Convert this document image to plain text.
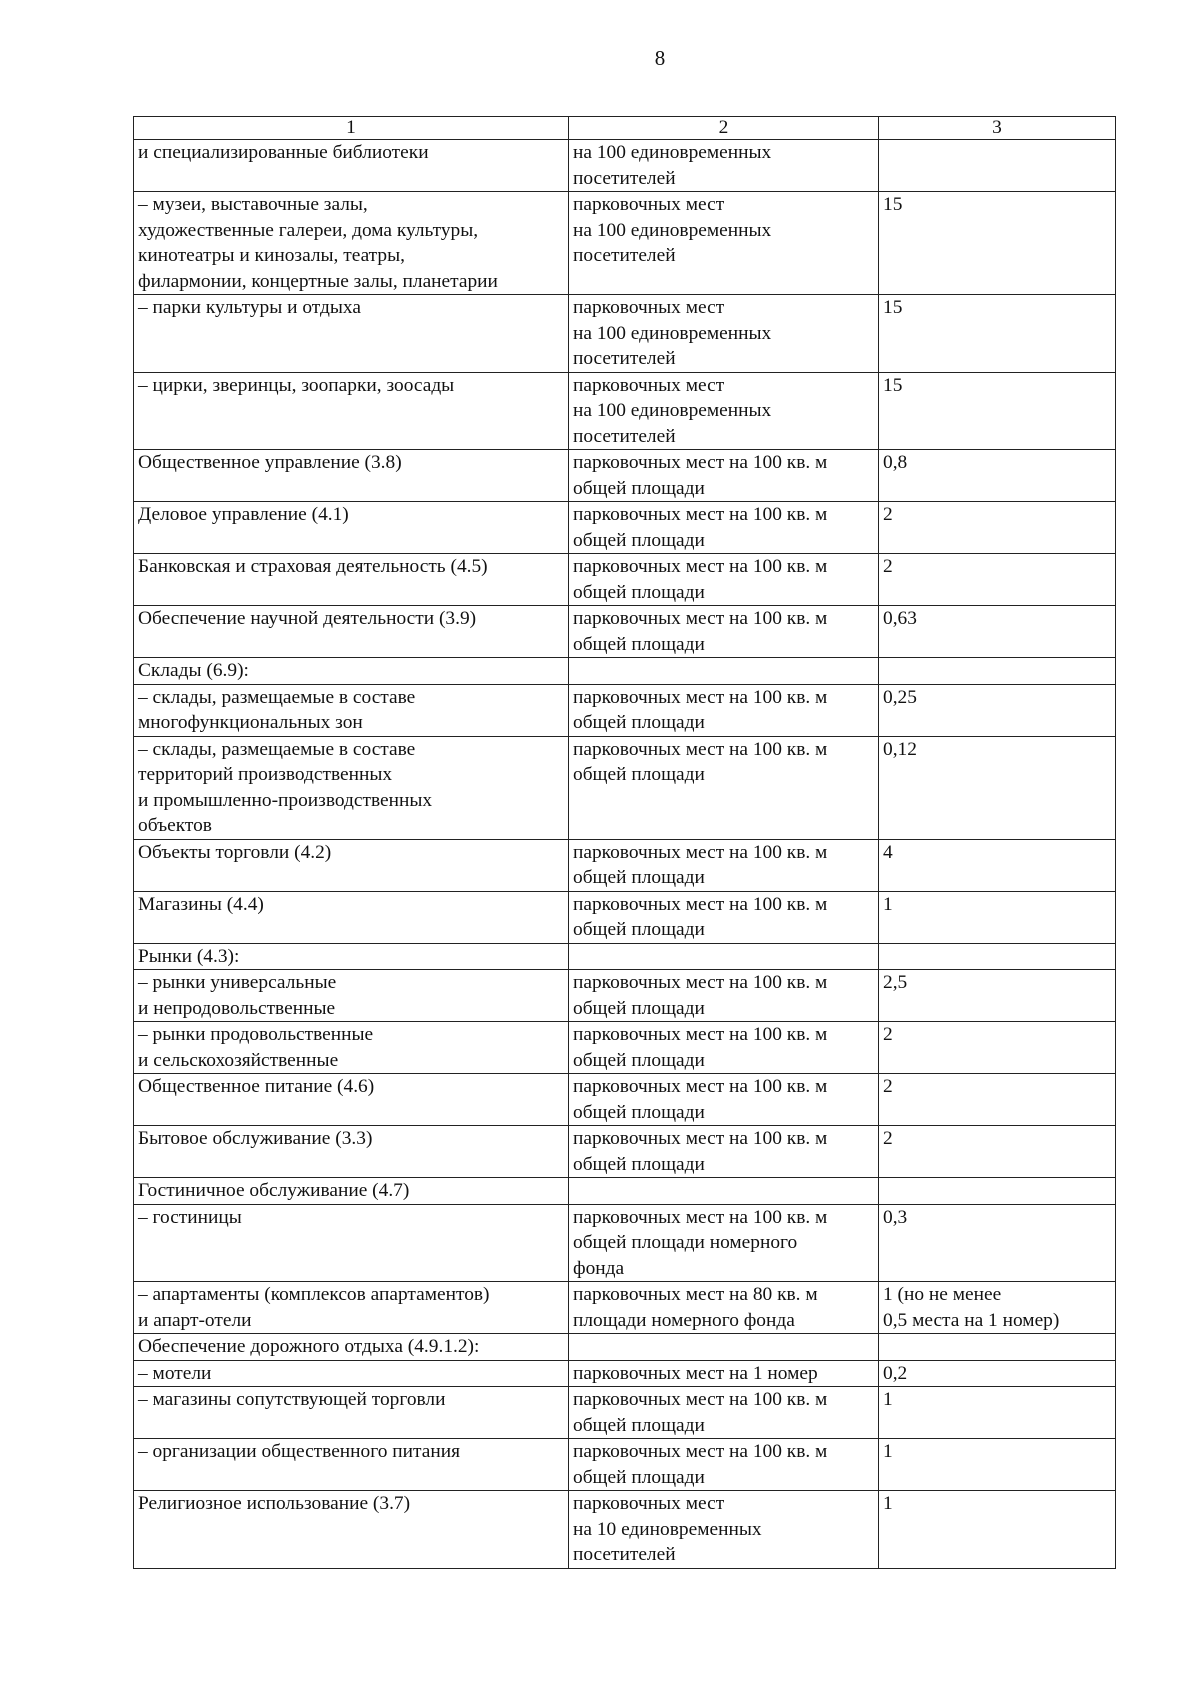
8
1	2	3

и специализированные библиотеки	на 100 единовременных
посетителей	

– музеи, выставочные залы,
художественные галереи, дома культуры,
кинотеатры и кинозалы, театры,
филармонии, концертные залы, планетарии	парковочных мест
на 100 единовременных
посетителей	15

– парки культуры и отдыха	парковочных мест
на 100 единовременных
посетителей	15

– цирки, зверинцы, зоопарки, зоосады	парковочных мест
на 100 единовременных
посетителей	15

Общественное управление (3.8)	парковочных мест на 100 кв. м
общей площади	0,8

Деловое управление (4.1)	парковочных мест на 100 кв. м
общей площади	2

Банковская и страховая деятельность (4.5)	парковочных мест на 100 кв. м
общей площади	2

Обеспечение научной деятельности (3.9)	парковочных мест на 100 кв. м
общей площади	0,63

Склады (6.9):		

– склады, размещаемые в составе
многофункциональных зон	парковочных мест на 100 кв. м
общей площади	0,25

– склады, размещаемые в составе
территорий производственных
и промышленно-производственных
объектов	парковочных мест на 100 кв. м
общей площади	0,12

Объекты торговли (4.2)	парковочных мест на 100 кв. м
общей площади	4

Магазины (4.4)	парковочных мест на 100 кв. м
общей площади	1

Рынки (4.3):		

– рынки универсальные
и непродовольственные	парковочных мест на 100 кв. м
общей площади	2,5

– рынки продовольственные
и сельскохозяйственные	парковочных мест на 100 кв. м
общей площади	2

Общественное питание (4.6)	парковочных мест на 100 кв. м
общей площади	2

Бытовое обслуживание (3.3)	парковочных мест на 100 кв. м
общей площади	2

Гостиничное обслуживание (4.7)		

– гостиницы	парковочных мест на 100 кв. м
общей площади номерного
фонда	0,3

– апартаменты (комплексов апартаментов)
и апарт-отели	парковочных мест на 80 кв. м
площади номерного фонда	1 (но не менее
0,5 места на 1 номер)

Обеспечение дорожного отдыха (4.9.1.2):		

– мотели	парковочных мест на 1 номер	0,2

– магазины сопутствующей торговли	парковочных мест на 100 кв. м
общей площади	1

– организации общественного питания	парковочных мест на 100 кв. м
общей площади	1

Религиозное использование (3.7)	парковочных мест
на 10 единовременных
посетителей	1
